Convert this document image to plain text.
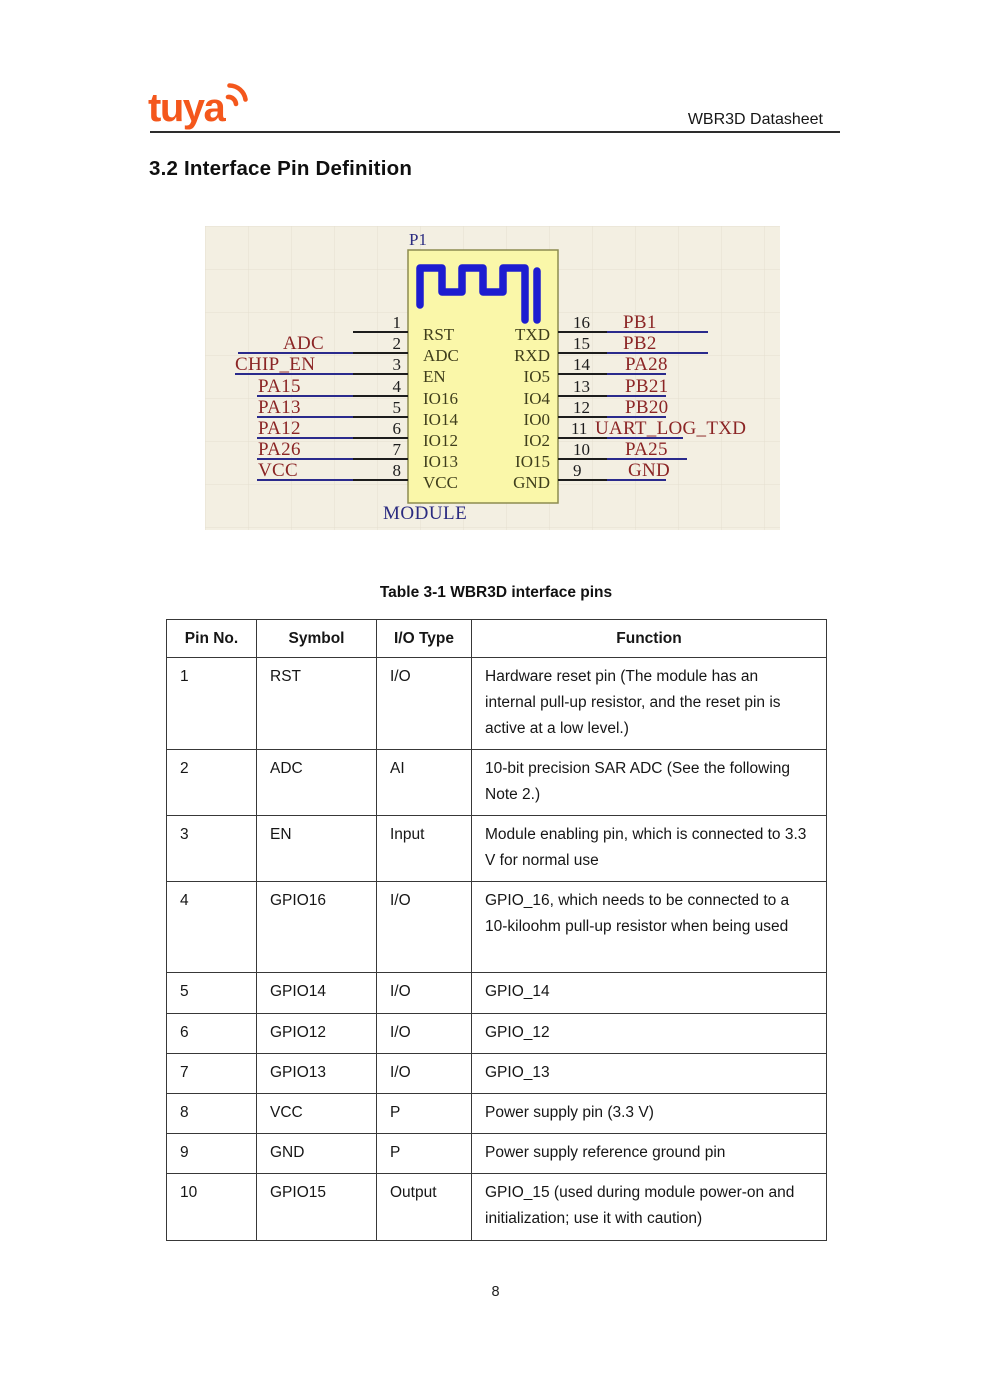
tuya	WBR3D Datasheet
3.2 Interface Pin Definition
P1
MODULE
1
RST
2
ADC
ADC
3
EN
CHIP_EN
4
IO16
PA15
5
IO14
PA13
6
IO12
PA12
7
IO13
PA26
8
VCC
VCC
16
TXD
PB1
15
RXD
PB2
14
IO5
PA28
13
IO4
PB21
12
IO0
PB20
11
IO2
UART_LOG_TXD
10
IO15
PA25
9
GND
GND
Table 3-1 WBR3D interface pins
Pin No.	Symbol	I/O Type	Function
1	RST	I/O	Hardware reset pin (The module has an internal pull-up resistor, and the reset pin is active at a low level.)
2	ADC	AI	10-bit precision SAR ADC (See the following Note 2.)
3	EN	Input	Module enabling pin, which is connected to 3.3 V for normal use
4	GPIO16	I/O	GPIO_16, which needs to be connected to a 10-kiloohm pull-up resistor when being used
5	GPIO14	I/O	GPIO_14
6	GPIO12	I/O	GPIO_12
7	GPIO13	I/O	GPIO_13
8	VCC	P	Power supply pin (3.3 V)
9	GND	P	Power supply reference ground pin
10	GPIO15	Output	GPIO_15 (used during module power-on and initialization; use it with caution)
8
